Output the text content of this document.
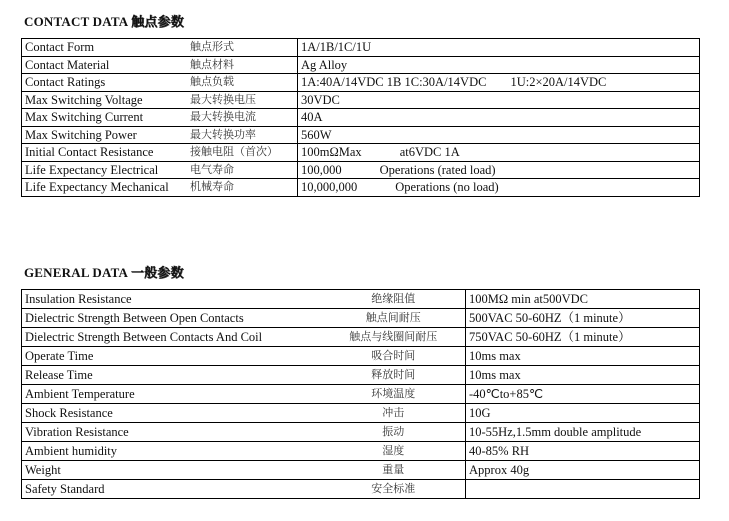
CONTACT DATA 触点参数
Contact Form 触点形式	1A/1B/1C/1U
Contact Material 触点材料	Ag Alloy
Contact Ratings 触点负载	1A:40A/14VDC 1B 1C:30A/14VDC 1U:2×20A/14VDC
Max Switching Voltage 最大转换电压	30VDC
Max Switching Current 最大转换电流	40A
Max Switching Power 最大转换功率	560W
Initial Contact Resistance 接触电阻（首次）	100mΩMax at6VDC 1A
Life Expectancy Electrical 电气寿命	100,000 Operations (rated load)
Life Expectancy Mechanical 机械寿命	10,000,000 Operations (no load)
GENERAL DATA 一般参数
Insulation Resistance	绝缘阻值	100MΩ min at500VDC
Dielectric Strength Between Open Contacts	触点间耐压	500VAC 50-60HZ（1 minute）
Dielectric Strength Between Contacts And Coil	触点与线圈间耐压	750VAC 50-60HZ（1 minute）
Operate Time	吸合时间	10ms max
Release Time	释放时间	10ms max
Ambient Temperature	环境温度	-40℃to+85℃
Shock Resistance	冲击	10G
Vibration Resistance	振动	10-55Hz,1.5mm double amplitude
Ambient humidity	湿度	40-85% RH
Weight	重量	Approx 40g
Safety Standard	安全标准	
